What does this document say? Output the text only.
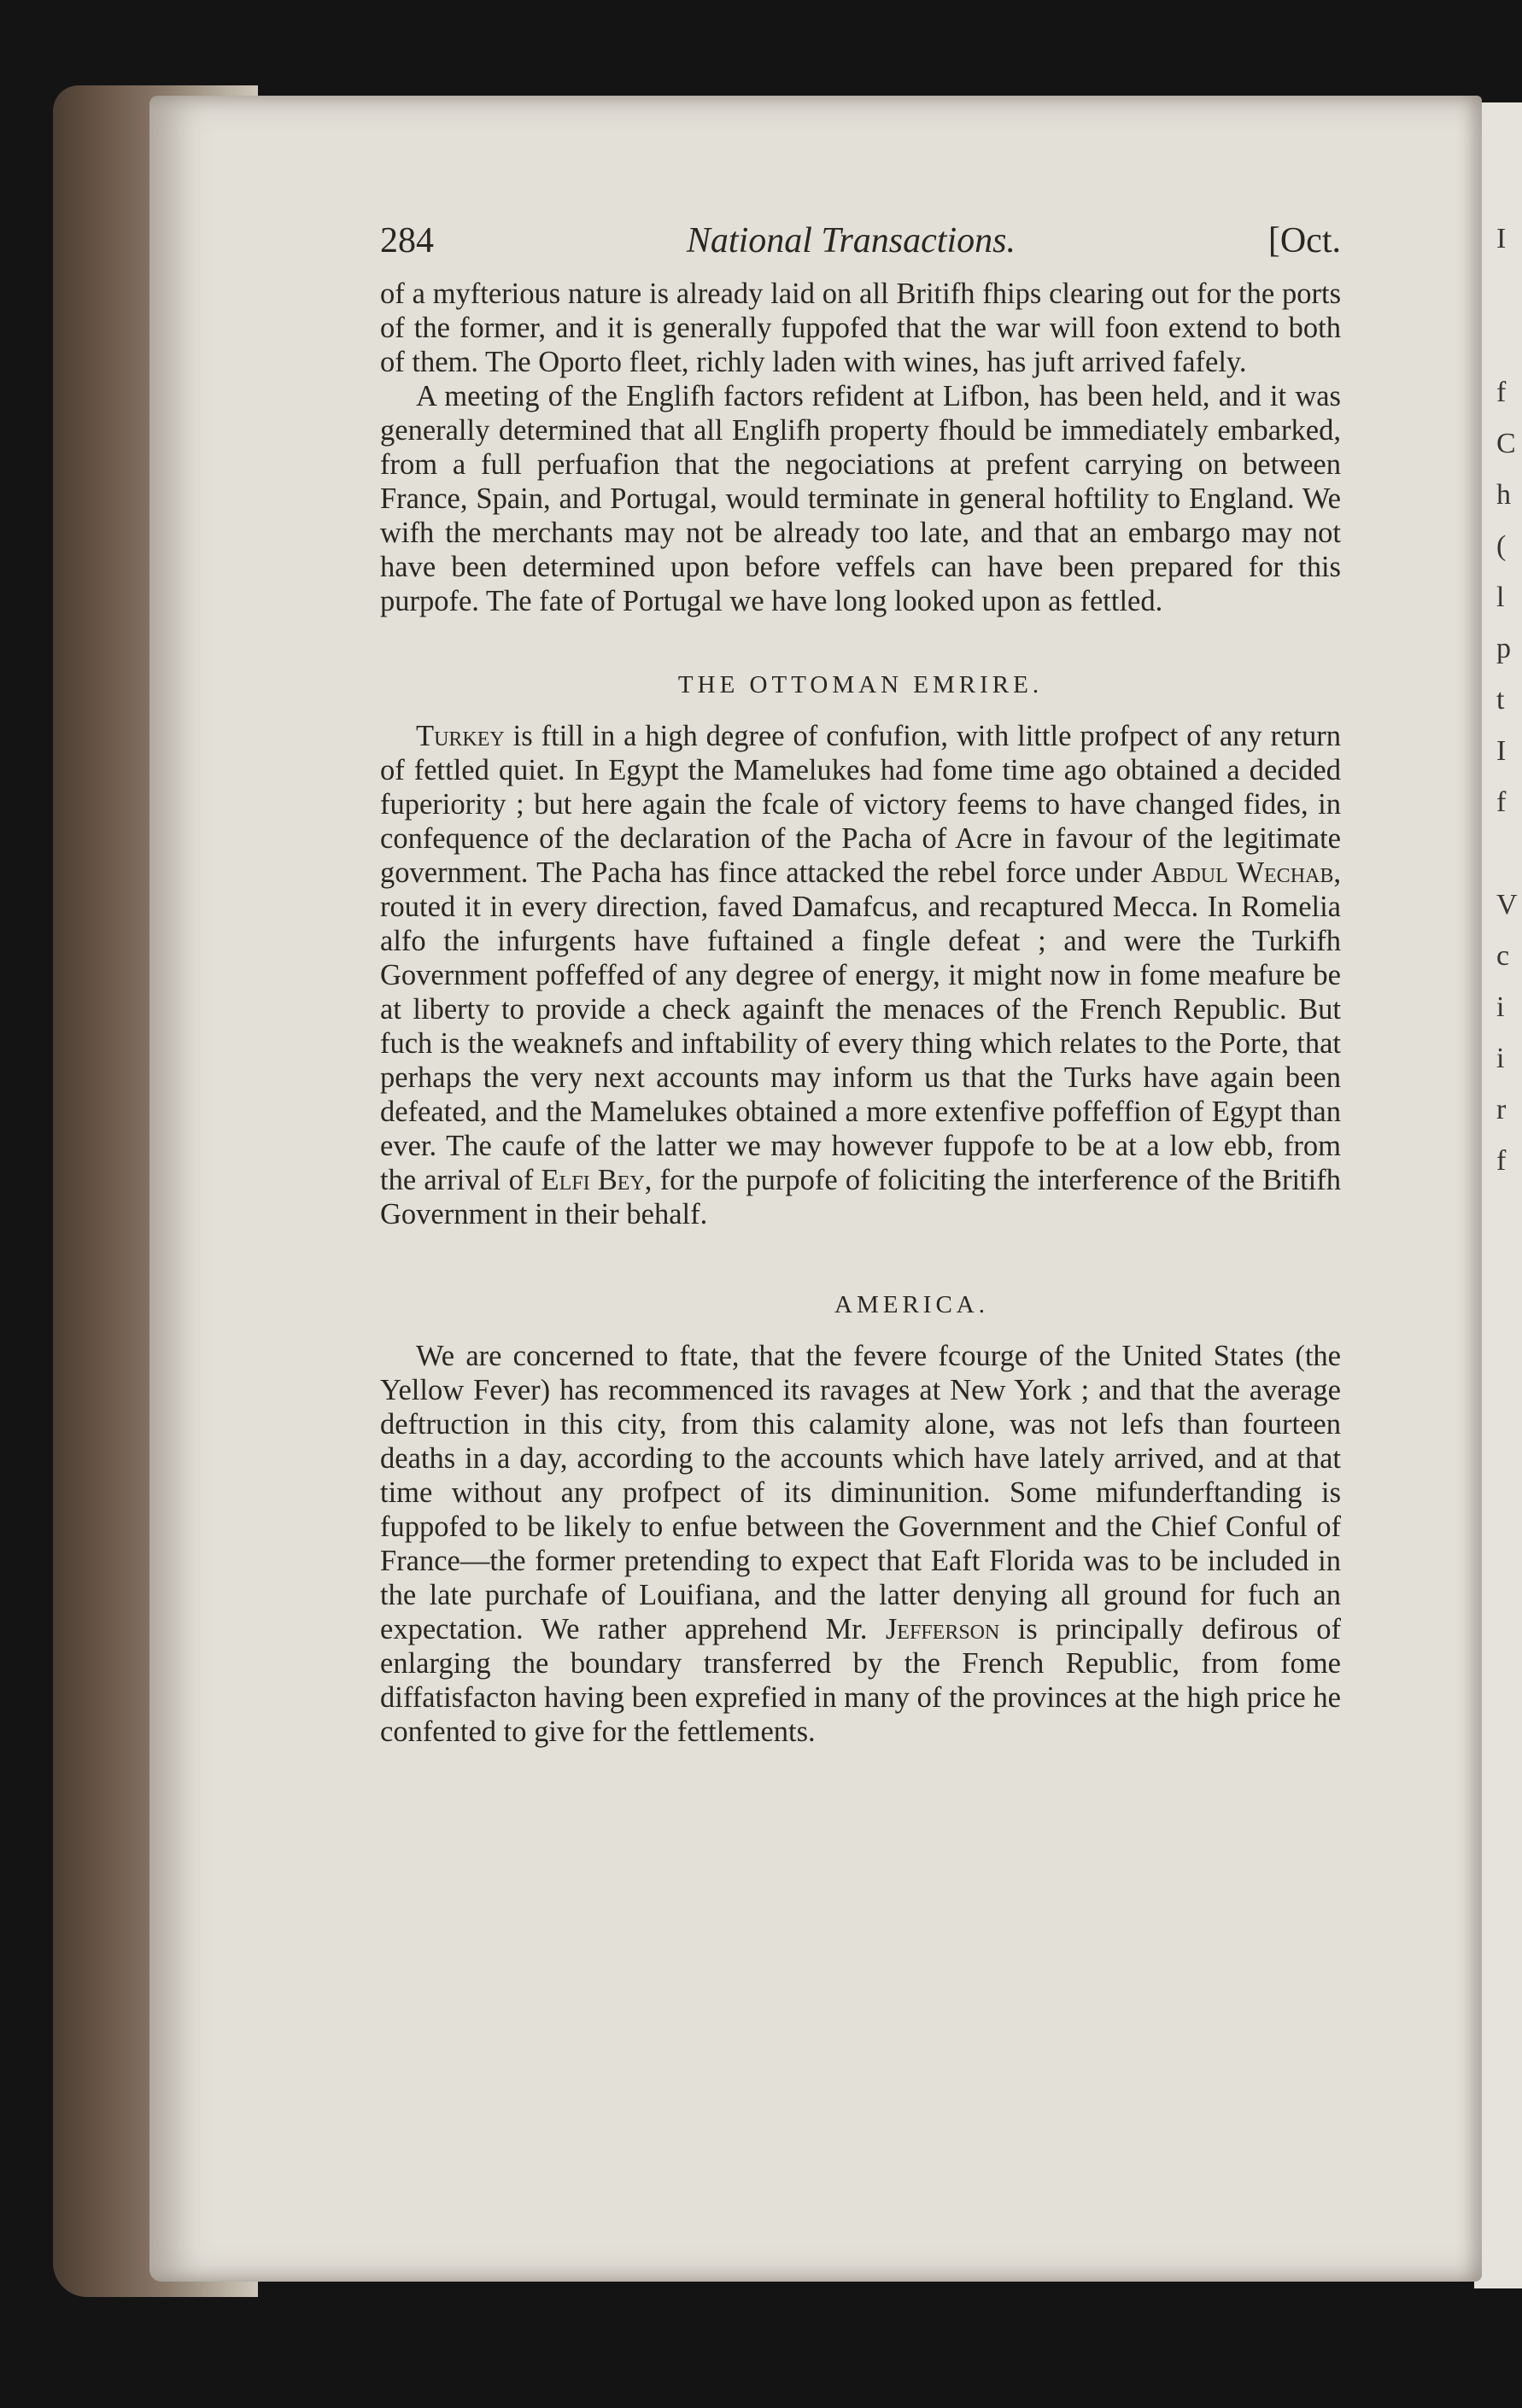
I
f
C
h
(
l
p
t
I
f
V
c
i
i
r
f
284	National Transactions.	[Oct.

of a myfterious nature is already laid on all Britifh fhips clearing out for the ports of the former, and it is generally fuppofed that the war will foon extend to both of them. The Oporto fleet, richly laden with wines, has juft arrived fafely.

A meeting of the Englifh factors refident at Lifbon, has been held, and it was generally determined that all Englifh property fhould be immediately embarked, from a full perfuafion that the negociations at prefent carrying on between France, Spain, and Portugal, would terminate in general hoftility to England. We wifh the merchants may not be already too late, and that an embargo may not have been determined upon before veffels can have been prepared for this purpofe. The fate of Portugal we have long looked upon as fettled.

THE OTTOMAN EMRIRE.

Turkey is ftill in a high degree of confufion, with little profpect of any return of fettled quiet. In Egypt the Mamelukes had fome time ago obtained a decided fuperiority ; but here again the fcale of victory feems to have changed fides, in confequence of the declaration of the Pacha of Acre in favour of the legitimate government. The Pacha has fince attacked the rebel force under Abdul Wechab, routed it in every direction, faved Damafcus, and recaptured Mecca. In Romelia alfo the infurgents have fuftained a fingle defeat ; and were the Turkifh Government poffeffed of any degree of energy, it might now in fome meafure be at liberty to provide a check againft the menaces of the French Republic. But fuch is the weaknefs and inftability of every thing which relates to the Porte, that perhaps the very next accounts may inform us that the Turks have again been defeated, and the Mamelukes obtained a more extenfive poffeffion of Egypt than ever. The caufe of the latter we may however fuppofe to be at a low ebb, from the arrival of Elfi Bey, for the purpofe of foliciting the interference of the Britifh Government in their behalf.

AMERICA.

We are concerned to ftate, that the fevere fcourge of the United States (the Yellow Fever) has recommenced its ravages at New York ; and that the average deftruction in this city, from this calamity alone, was not lefs than fourteen deaths in a day, according to the accounts which have lately arrived, and at that time without any profpect of its diminunition. Some mifunderftanding is fuppofed to be likely to enfue between the Government and the Chief Conful of France—the former pretending to expect that Eaft Florida was to be included in the late purchafe of Louifiana, and the latter denying all ground for fuch an expectation. We rather apprehend Mr. Jefferson is principally defirous of enlarging the boundary transferred by the French Republic, from fome diffatisfacton having been exprefied in many of the provinces at the high price he confented to give for the fettlements.
